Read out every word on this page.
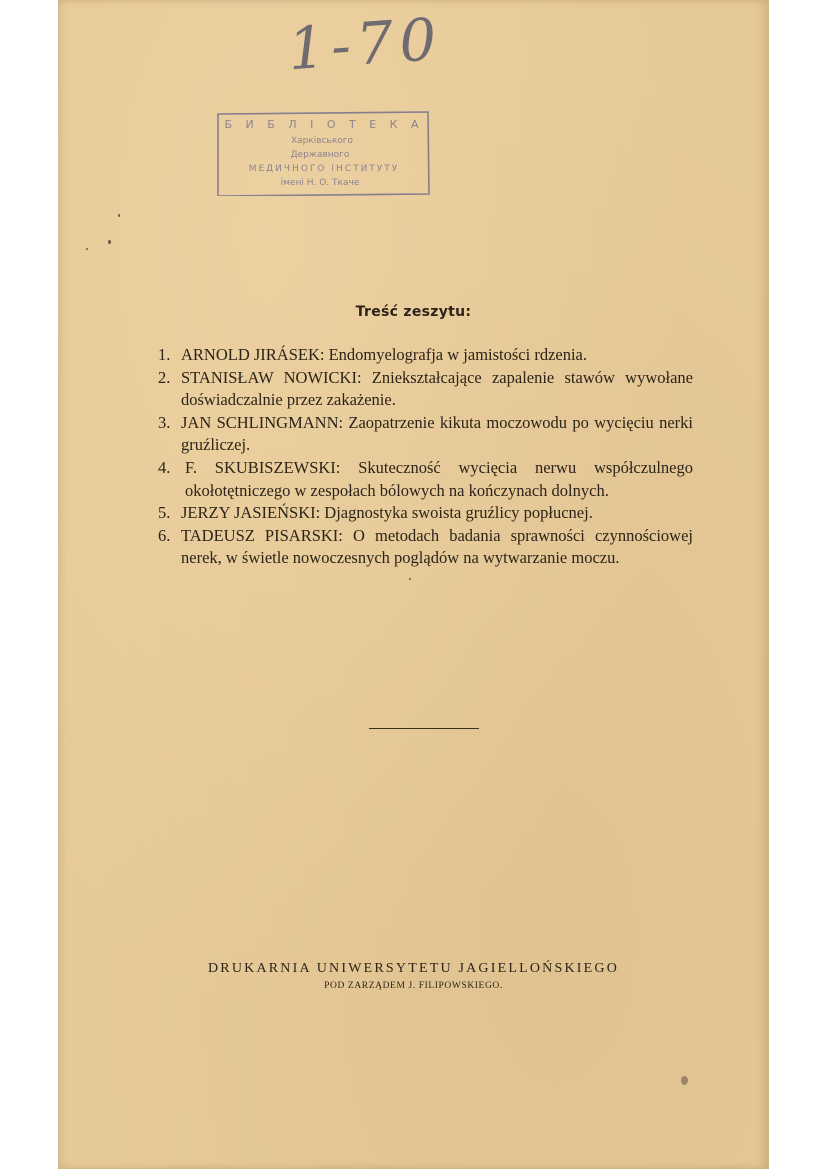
1-70
Б И Б Л І О Т Е К А
Харківського
Державного
МЕДИЧНОГО ІНСТИТУТУ
імені Н. О. Ткаче
Treść zeszytu:
1. ARNOLD JIRÁSEK: Endomyelografja w jamistości rdzenia.
2. STANISŁAW NOWICKI: Zniekształcające zapalenie stawów wywołane doświadczalnie przez zakażenie.
3. JAN SCHLINGMANN: Zaopatrzenie kikuta moczowodu po wycięciu nerki gruźliczej.
4. F. SKUBISZEWSKI: Skuteczność wycięcia nerwu współczulnego okołotętniczego w zespołach bólowych na kończynach dolnych.
5. JERZY JASIEŃSKI: Djagnostyka swoista gruźlicy popłucnej.
6. TADEUSZ PISARSKI: O metodach badania sprawności czynnościowej nerek, w świetle nowoczesnych poglądów na wytwarzanie moczu.
DRUKARNIA UNIWERSYTETU JAGIELLOŃSKIEGO
POD ZARZĄDEM J. FILIPOWSKIEGO.
